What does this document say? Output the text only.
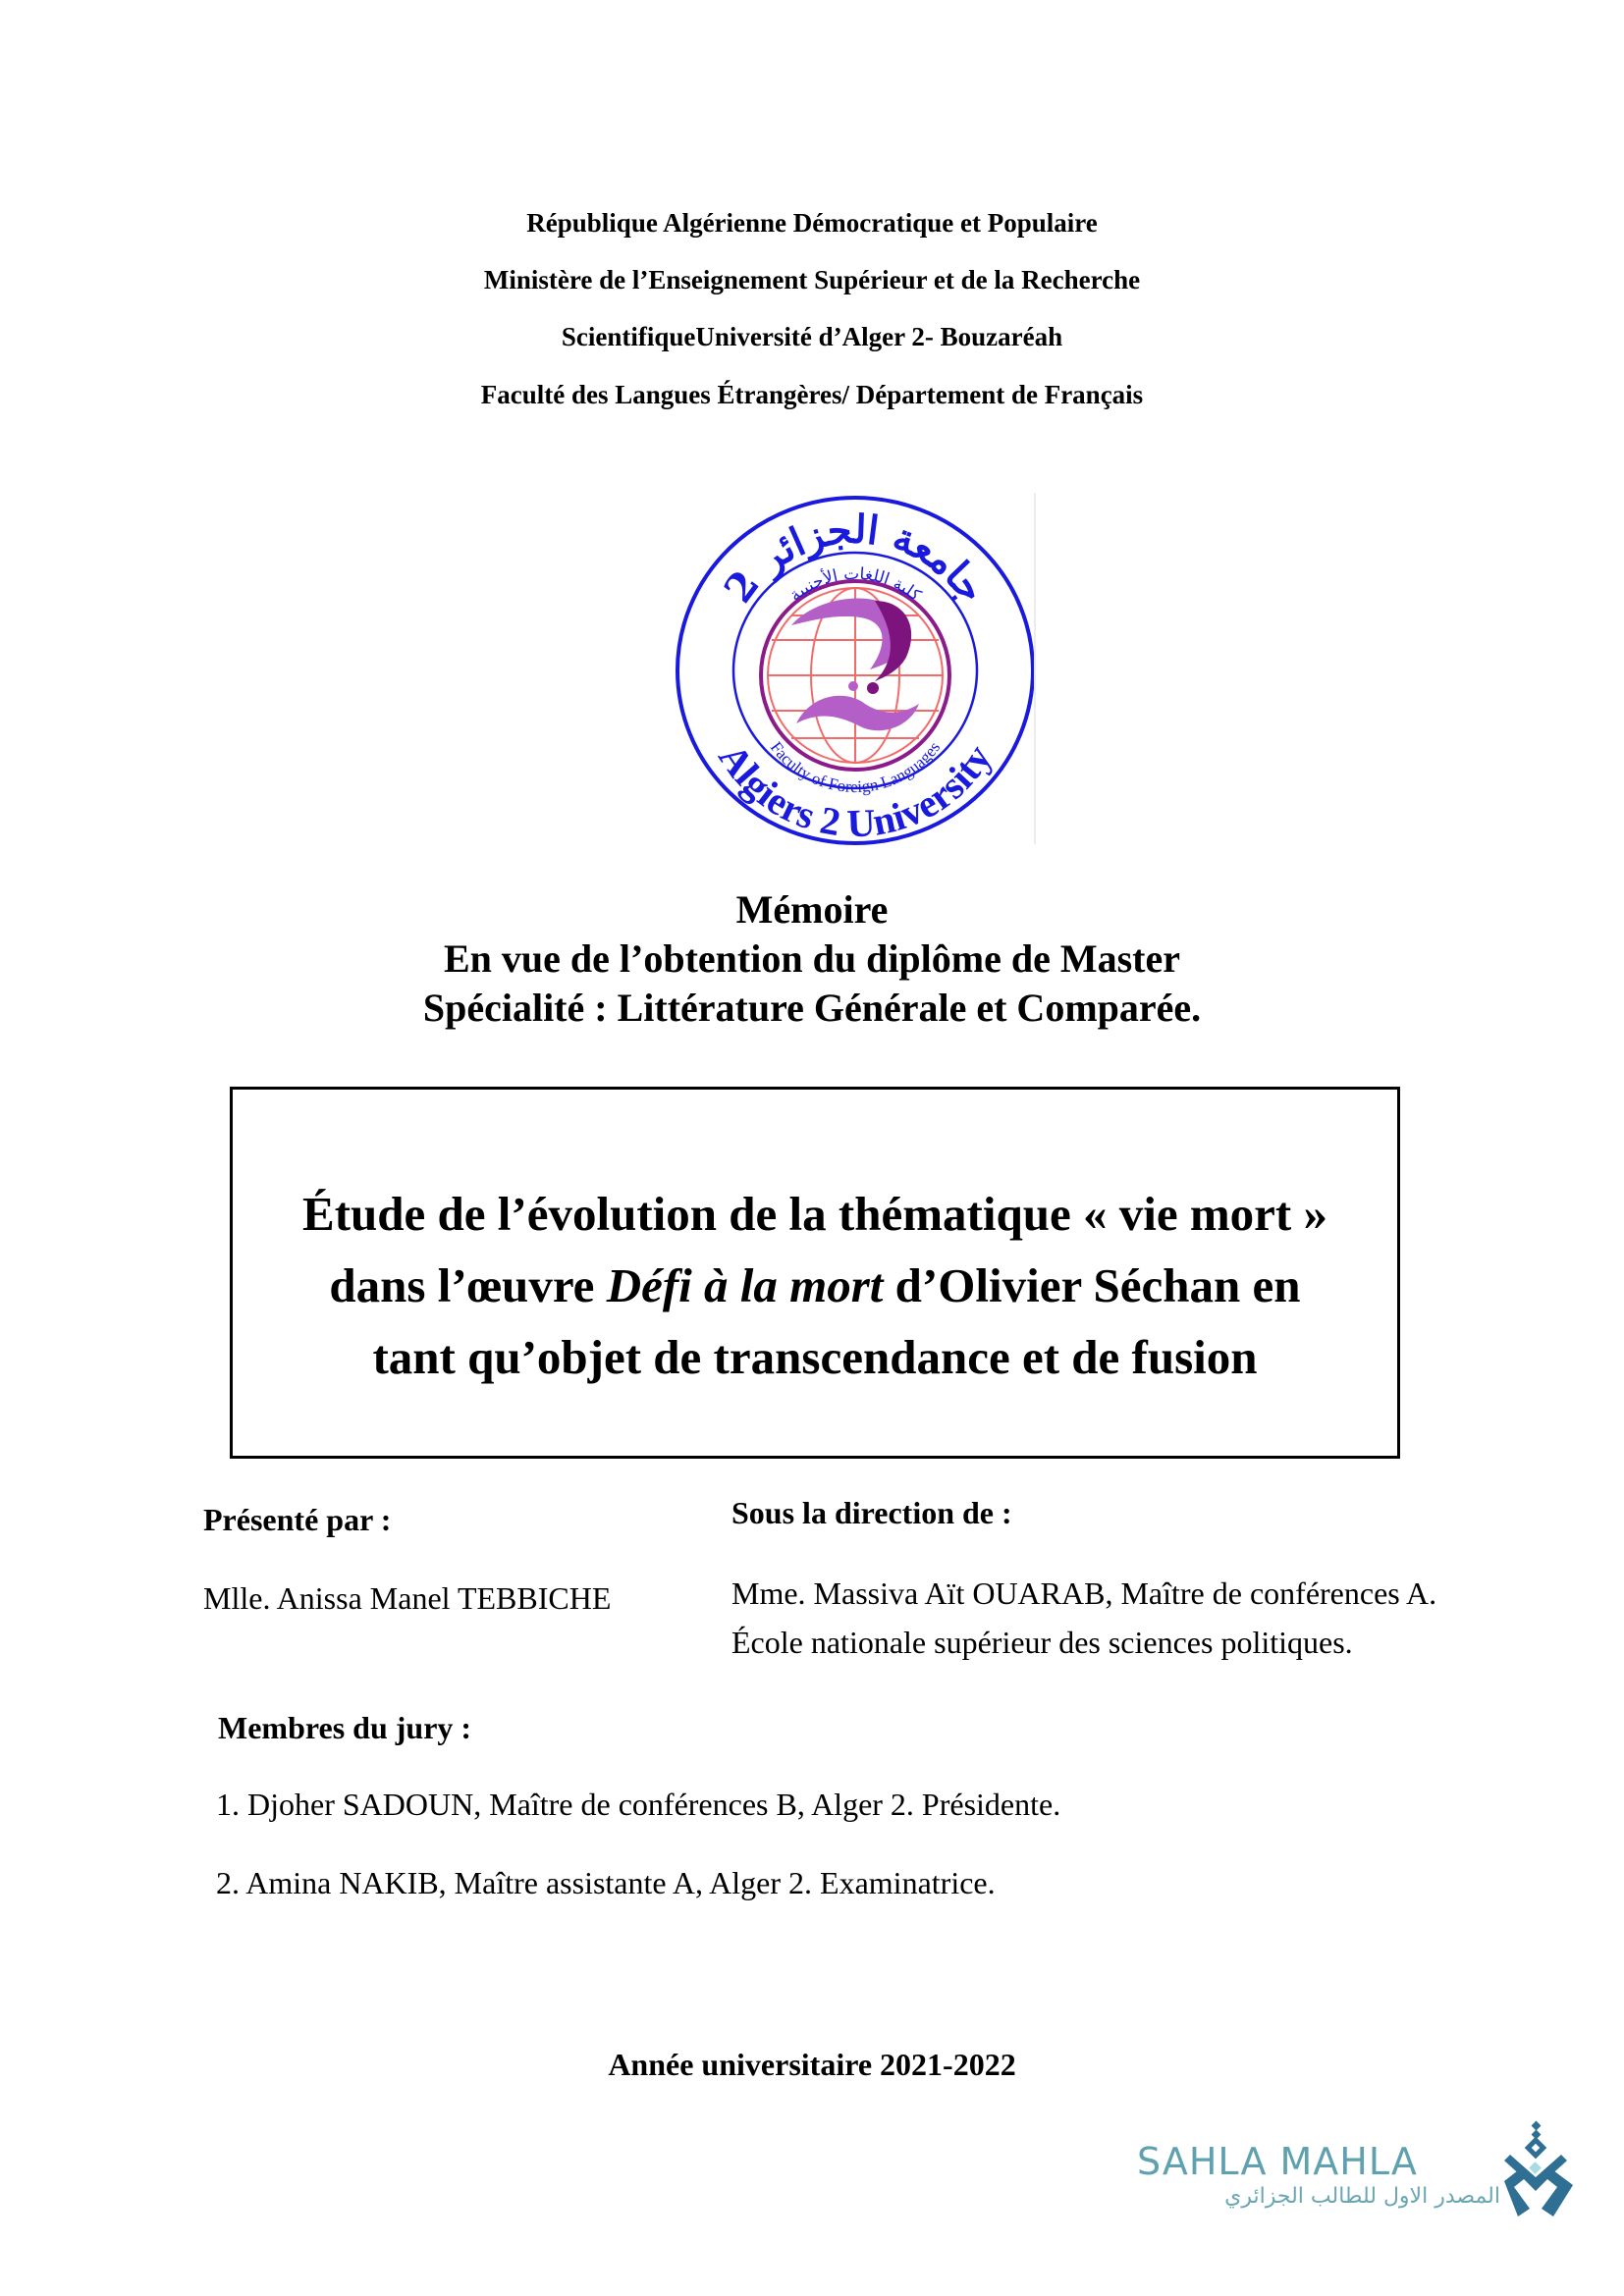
République Algérienne Démocratique et Populaire
Ministère de l’Enseignement Supérieur et de la Recherche
ScientifiqueUniversité d’Alger 2- Bouzaréah
Faculté des Langues Étrangères/ Département de Français
جامعة الجزائر 2
كلية اللغات الأجنبية
Algiers 2 University
Faculty of Foreign Languages
Mémoire
En vue de l’obtention du diplôme de Master
Spécialité : Littérature Générale et Comparée.
Étude de l’évolution de la thématique « vie mort »
dans l’œuvre Défi à la mort d’Olivier Séchan en
tant qu’objet de transcendance et de fusion
Présenté par :
Mlle. Anissa Manel TEBBICHE
Sous la direction de :
Mme. Massiva Aït OUARAB, Maître de conférences A.
École nationale supérieur des sciences politiques.
Membres du jury :
1. Djoher SADOUN, Maître de conférences B, Alger 2. Présidente.
2. Amina NAKIB, Maître assistante A, Alger 2. Examinatrice.
Année universitaire 2021-2022
SAHLA MAHLA
المصدر الاول للطالب الجزائري
